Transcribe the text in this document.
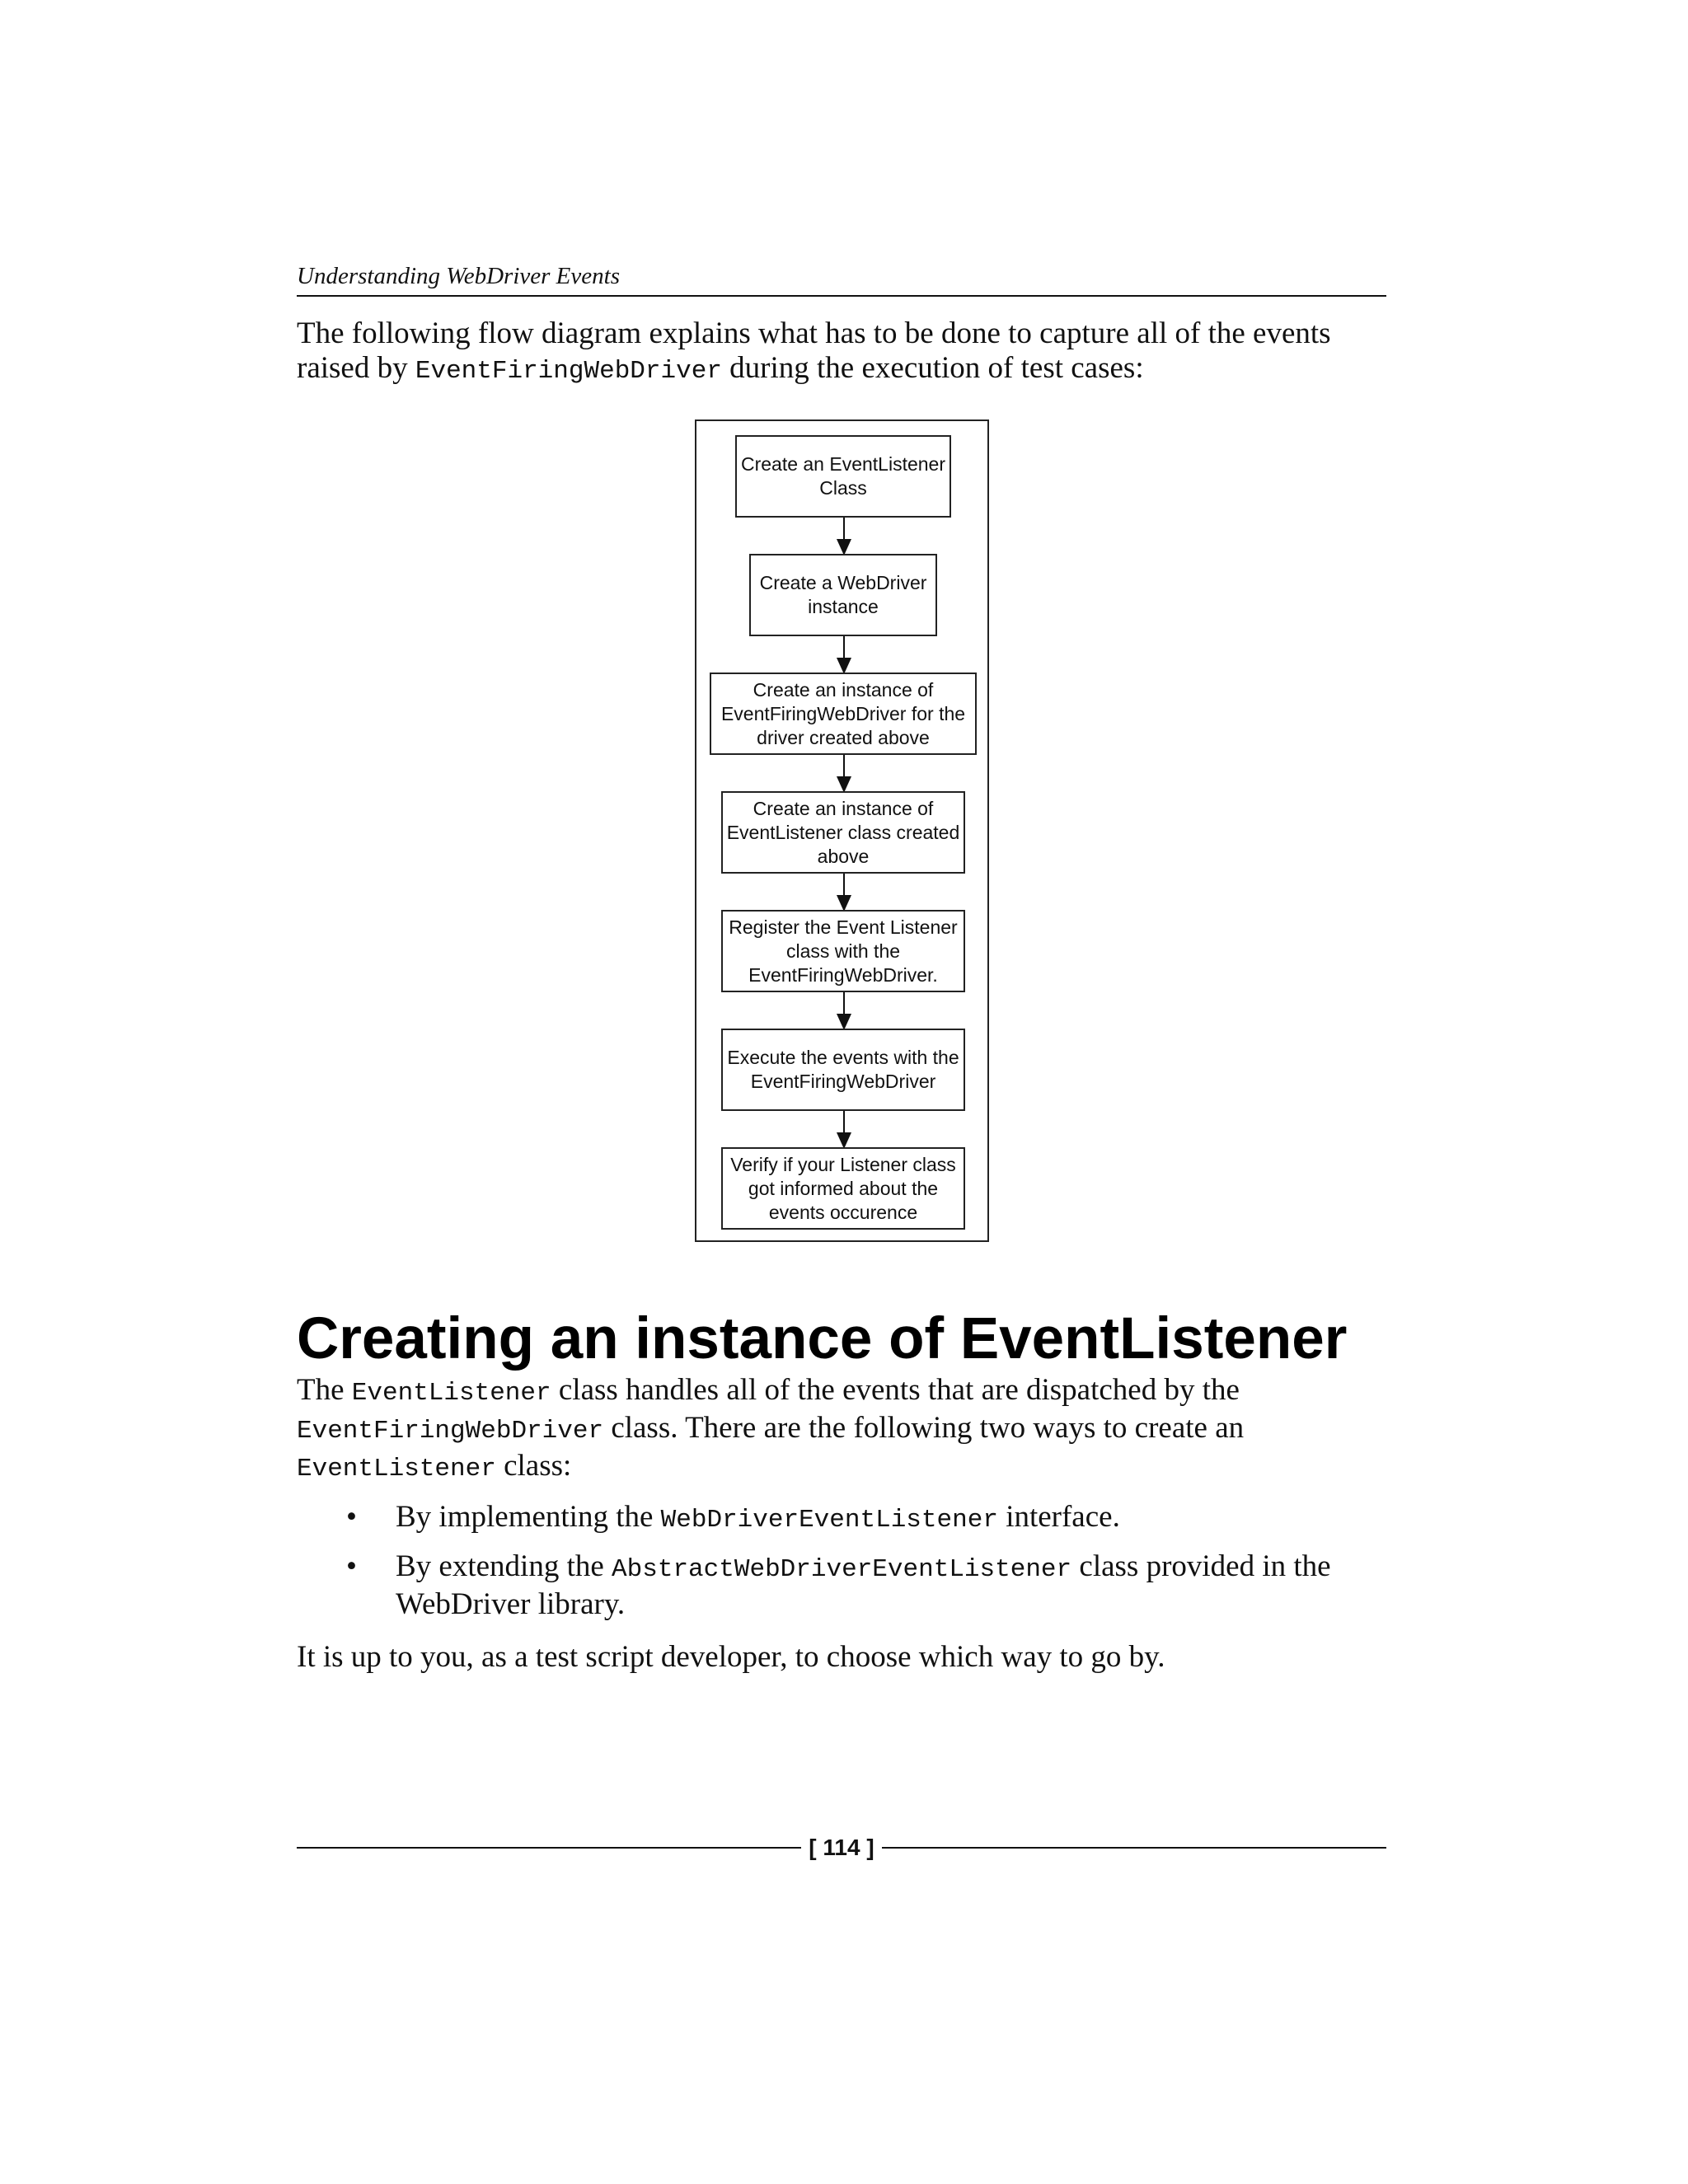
Understanding WebDriver Events

The following flow diagram explains what has to be done to capture all of the events raised by EventFiringWebDriver during the execution of test cases:

Create an EventListener Class
Create a WebDriver instance
Create an instance of EventFiringWebDriver for the driver created above
Create an instance of EventListener class created above
Register the Event Listener class with the EventFiringWebDriver.
Execute the events with the EventFiringWebDriver
Verify if your Listener class got informed about the events occurence
Creating an instance of EventListener

The EventListener class handles all of the events that are dispatched by the EventFiringWebDriver class. There are the following two ways to create an EventListener class:

• By implementing the WebDriverEventListener interface.
• By extending the AbstractWebDriverEventListener class provided in the WebDriver library.

It is up to you, as a test script developer, to choose which way to go by.

[ 114 ]
